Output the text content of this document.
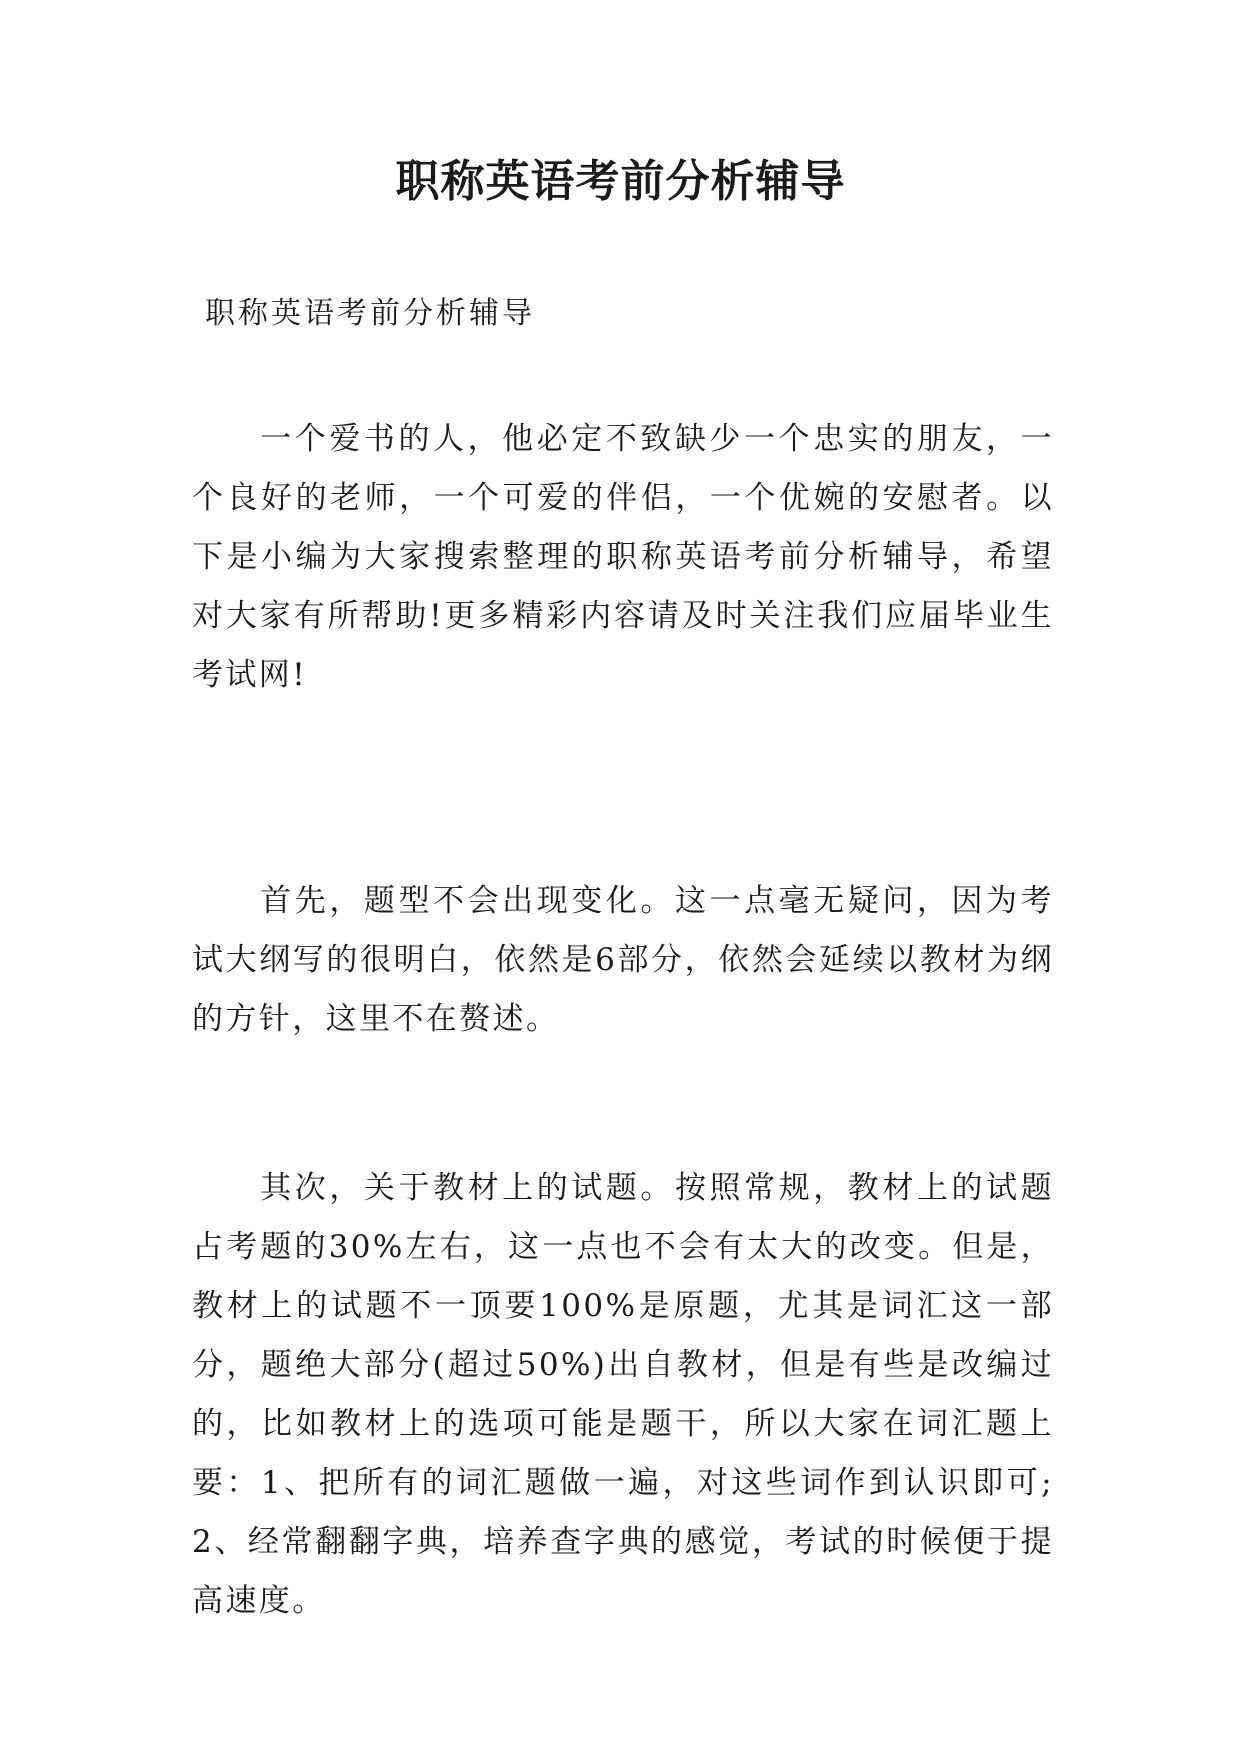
职称英语考前分析辅导

职称英语考前分析辅导

一个爱书的人，他必定不致缺少一个忠实的朋友，一个良好的老师，一个可爱的伴侣，一个优婉的安慰者。以下是小编为大家搜索整理的职称英语考前分析辅导，希望对大家有所帮助!更多精彩内容请及时关注我们应届毕业生考试网!

首先，题型不会出现变化。这一点毫无疑问，因为考试大纲写的很明白，依然是6部分，依然会延续以教材为纲的方针，这里不在赘述。

其次，关于教材上的试题。按照常规，教材上的试题占考题的30%左右，这一点也不会有太大的改变。但是，教材上的试题不一顶要100%是原题，尤其是词汇这一部分，题绝大部分(超过50%)出自教材，但是有些是改编过的，比如教材上的选项可能是题干，所以大家在词汇题上要：1、把所有的词汇题做一遍，对这些词作到认识即可;2、经常翻翻字典，培养查字典的感觉，考试的时候便于提高速度。
